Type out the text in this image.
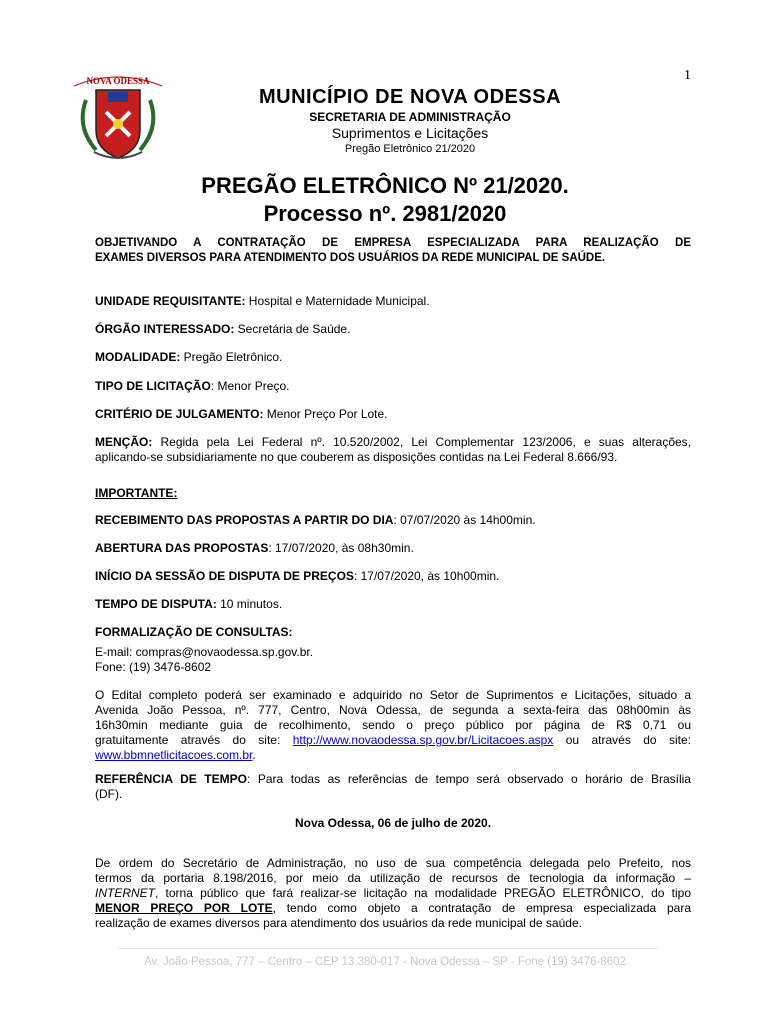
1
NOVA ODESSA
MUNICÍPIO DE NOVA ODESSA
SECRETARIA DE ADMINISTRAÇÃO
Suprimentos e Licitações
Pregão Eletrônico 21/2020
PREGÃO ELETRÔNICO Nº 21/2020.
Processo nº. 2981/2020
OBJETIVANDO A CONTRATAÇÃO DE EMPRESA ESPECIALIZADA PARA REALIZAÇÃO DE
EXAMES DIVERSOS PARA ATENDIMENTO DOS USUÁRIOS DA REDE MUNICIPAL DE SAÚDE.
UNIDADE REQUISITANTE: Hospital e Maternidade Municipal.
ÓRGÃO INTERESSADO: Secretária de Saúde.
MODALIDADE: Pregão Eletrônico.
TIPO DE LICITAÇÃO: Menor Preço.
CRITÉRIO DE JULGAMENTO: Menor Preço Por Lote.
MENÇÃO: Regida pela Lei Federal nº. 10.520/2002, Lei Complementar 123/2006, e suas alterações,
aplicando-se subsidiariamente no que couberem as disposições contidas na Lei Federal 8.666/93.
IMPORTANTE:
RECEBIMENTO DAS PROPOSTAS A PARTIR DO DIA: 07/07/2020 às 14h00min.
ABERTURA DAS PROPOSTAS: 17/07/2020, às 08h30min.
INÍCIO DA SESSÃO DE DISPUTA DE PREÇOS: 17/07/2020, às 10h00min.
TEMPO DE DISPUTA: 10 minutos.
FORMALIZAÇÃO DE CONSULTAS:
E-mail: compras@novaodessa.sp.gov.br.
Fone: (19) 3476-8602
O Edital completo poderá ser examinado e adquirido no Setor de Suprimentos e Licitações, situado a
Avenida João Pessoa, nº. 777, Centro, Nova Odessa, de segunda a sexta-feira das 08h00min às
16h30min mediante guia de recolhimento, sendo o preço público por página de R$ 0,71 ou
gratuitamente através do site: http://www.novaodessa.sp.gov.br/Licitacoes.aspx ou através do site:
www.bbmnetlicitacoes.com.br.
REFERÊNCIA DE TEMPO: Para todas as referências de tempo será observado o horário de Brasília
(DF).
Nova Odessa, 06 de julho de 2020.
De ordem do Secretário de Administração, no uso de sua competência delegada pelo Prefeito, nos
termos da portaria 8.198/2016, por meio da utilização de recursos de tecnologia da informação –
INTERNET, torna público que fará realizar-se licitação na modalidade PREGÃO ELETRÔNICO, do tipo
MENOR PREÇO POR LOTE, tendo como objeto a contratação de empresa especializada para
realização de exames diversos para atendimento dos usuários da rede municipal de saúde.
Av. João Pessoa, 777 – Centro – CEP 13.380-017 - Nova Odessa – SP - Fone (19) 3476-8602
